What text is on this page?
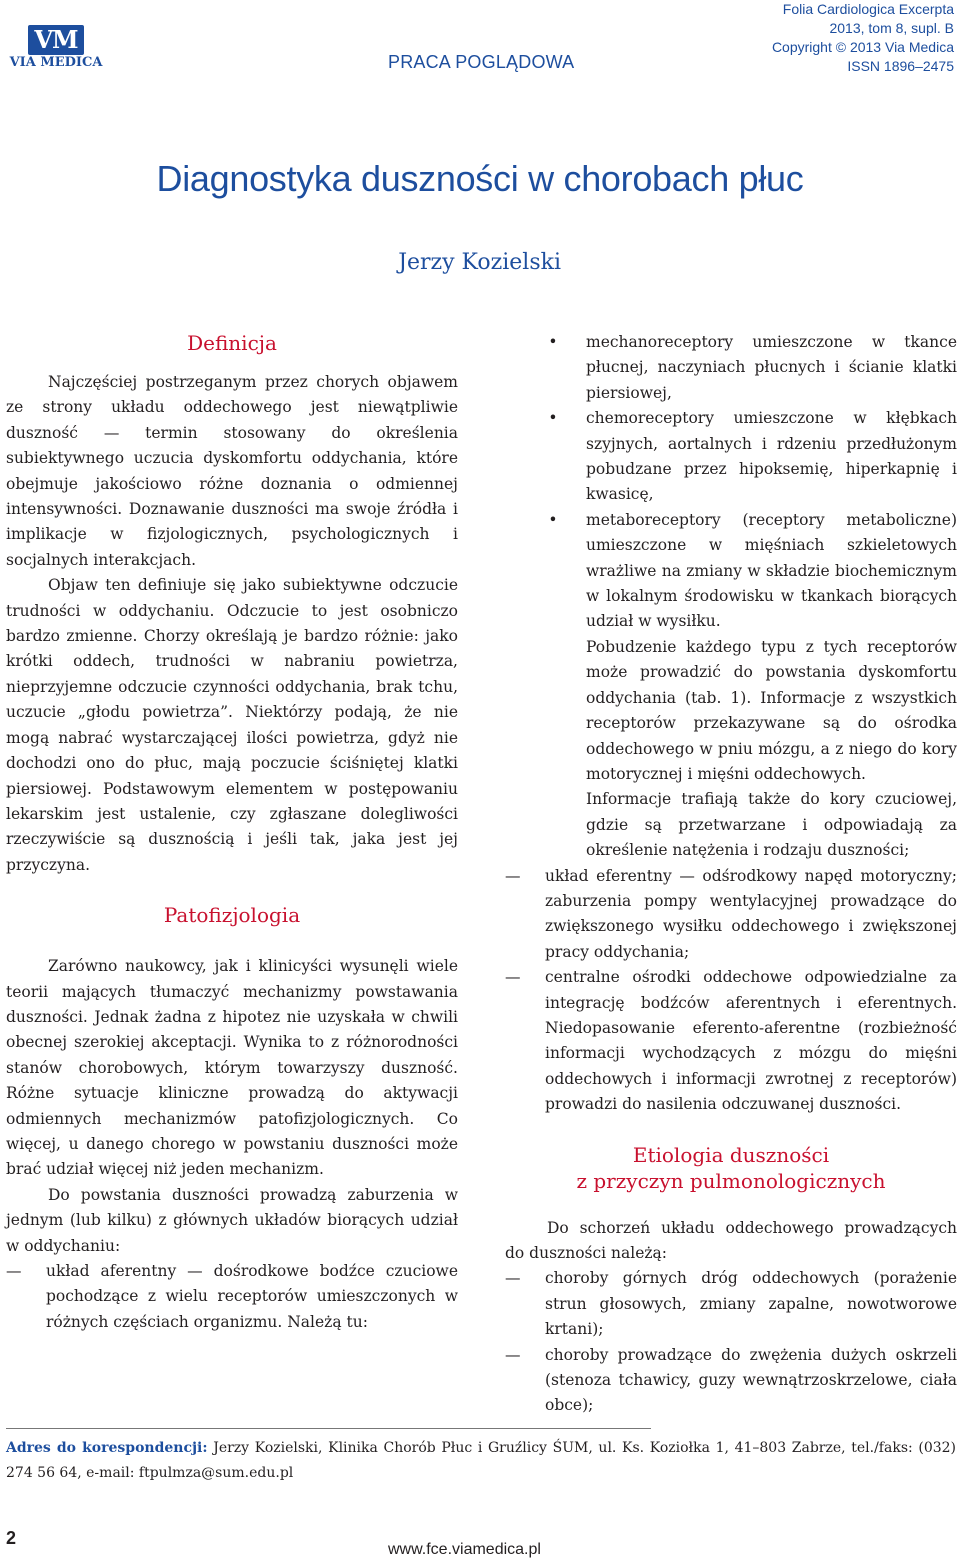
VM
VIA MEDICA	PRACA POGLĄDOWA
Folia Cardiologica Excerpta
2013, tom 8, supl. B
Copyright © 2013 Via Medica
ISSN 1896–2475
Diagnostyka duszności w chorobach płuc
Jerzy Kozielski
Definicja

Najczęściej postrzeganym przez chorych objawem ze strony układu oddechowego jest niewątpliwie duszność — termin stosowany do określenia subiektywnego uczucia dyskomfortu oddychania, które obejmuje jakościowo różne doznania o odmiennej intensywności. Doznawanie duszności ma swoje źródła i implikacje w fizjologicznych, psychologicznych i socjalnych interakcjach.

Objaw ten definiuje się jako subiektywne odczucie trudności w oddychaniu. Odczucie to jest osobniczo bardzo zmienne. Chorzy określają je bardzo różnie: jako krótki oddech, trudności w nabraniu powietrza, nieprzyjemne odczucie czynności oddychania, brak tchu, uczucie „głodu powietrza”. Niektórzy podają, że nie mogą nabrać wystarczającej ilości powietrza, gdyż nie dochodzi ono do płuc, mają poczucie ściśniętej klatki piersiowej. Podstawowym elementem w postępowaniu lekarskim jest ustalenie, czy zgłaszane dolegliwości rzeczywiście są dusznością i jeśli tak, jaka jest jej przyczyna.

Patofizjologia

Zarówno naukowcy, jak i klinicyści wysunęli wiele teorii mających tłumaczyć mechanizmy powstawania duszności. Jednak żadna z hipotez nie uzyskała w chwili obecnej szerokiej akceptacji. Wynika to z różnorodności stanów chorobowych, którym towarzyszy duszność. Różne sytuacje kliniczne prowadzą do aktywacji odmiennych mechanizmów patofizjologicznych. Co więcej, u danego chorego w powstaniu duszności może brać udział więcej niż jeden mechanizm.

Do powstania duszności prowadzą zaburzenia w jednym (lub kilku) z głównych układów biorących udział w oddychaniu:

—	układ aferentny — dośrodkowe bodźce czuciowe pochodzące z wielu receptorów umieszczonych w różnych częściach organizmu. Należą tu:
•	mechanoreceptory umieszczone w tkance płucnej, naczyniach płucnych i ścianie klatki piersiowej,
•	chemoreceptory umieszczone w kłębkach szyjnych, aortalnych i rdzeniu przedłużonym pobudzane przez hipoksemię, hiperkapnię i kwasicę,
•	metaboreceptory (receptory metaboliczne) umieszczone w mięśniach szkieletowych wrażliwe na zmiany w składzie biochemicznym w lokalnym środowisku w tkankach biorących udział w wysiłku.

Pobudzenie każdego typu z tych receptorów może prowadzić do powstania dyskomfortu oddychania (tab. 1). Informacje z wszystkich receptorów przekazywane są do ośrodka oddechowego w pniu mózgu, a z niego do kory motorycznej i mięśni oddechowych.

Informacje trafiają także do kory czuciowej, gdzie są przetwarzane i odpowiadają za określenie natężenia i rodzaju duszności;

—	układ eferentny — odśrodkowy napęd motoryczny; zaburzenia pompy wentylacyjnej prowadzące do zwiększonego wysiłku oddechowego i zwiększonej pracy oddychania;
—	centralne ośrodki oddechowe odpowiedzialne za integrację bodźców aferentnych i eferentnych. Niedopasowanie eferento-aferentne (rozbieżność informacji wychodzących z mózgu do mięśni oddechowych i informacji zwrotnej z receptorów) prowadzi do nasilenia odczuwanej duszności.
Etiologia duszności
z przyczyn pulmonologicznych

Do schorzeń układu oddechowego prowadzących do duszności należą:

—	choroby górnych dróg oddechowych (porażenie strun głosowych, zmiany zapalne, nowotworowe krtani);
—	choroby prowadzące do zwężenia dużych oskrzeli (stenoza tchawicy, guzy wewnątrzoskrzelowe, ciała obce);
Adres do korespondencji: Jerzy Kozielski, Klinika Chorób Płuc i Gruźlicy ŚUM, ul. Ks. Koziołka 1, 41–803 Zabrze, tel./faks: (032) 274 56 64, e-mail: ftpulmza@sum.edu.pl
2
www.fce.viamedica.pl
